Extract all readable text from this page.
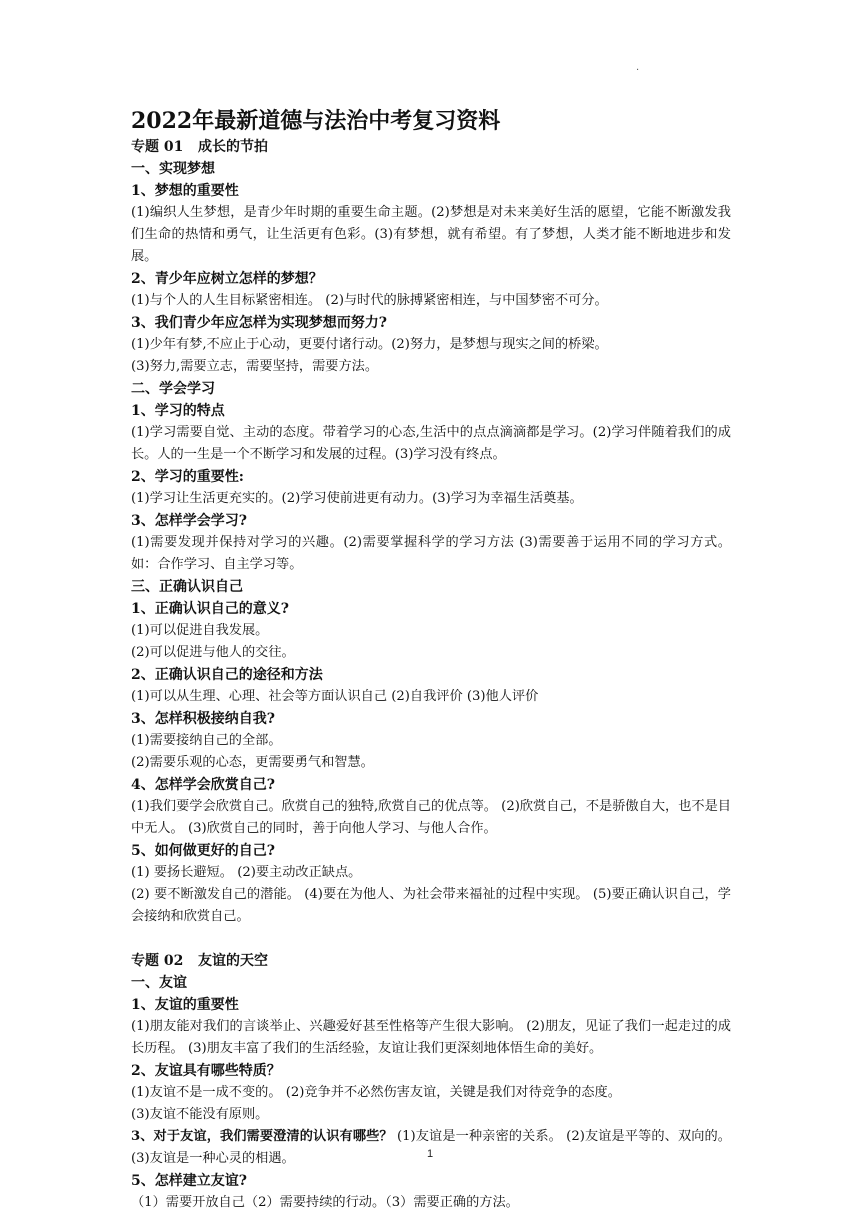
.
2022年最新道德与法治中考复习资料
专题 01   成长的节拍
一、实现梦想
1、梦想的重要性
(1)编织人生梦想，是青少年时期的重要生命主题。(2)梦想是对未来美好生活的愿望，它能不断激发我们生命的热情和勇气，让生活更有色彩。(3)有梦想，就有希望。有了梦想，人类才能不断地进步和发展。
2、青少年应树立怎样的梦想？
(1)与个人的人生目标紧密相连。 (2)与时代的脉搏紧密相连，与中国梦密不可分。
3、我们青少年应怎样为实现梦想而努力?
(1)少年有梦,不应止于心动，更要付诸行动。(2)努力，是梦想与现实之间的桥梁。
(3)努力,需要立志，需要坚持，需要方法。
二、学会学习
1、学习的特点
(1)学习需要自觉、主动的态度。带着学习的心态,生活中的点点滴滴都是学习。(2)学习伴随着我们的成长。人的一生是一个不断学习和发展的过程。(3)学习没有终点。
2、学习的重要性:
(1)学习让生活更充实的。(2)学习使前进更有动力。(3)学习为幸福生活奠基。
3、怎样学会学习?
(1)需要发现并保持对学习的兴趣。(2)需要掌握科学的学习方法 (3)需要善于运用不同的学习方式。如：合作学习、自主学习等。
三、正确认识自己
1、正确认识自己的意义?
(1)可以促进自我发展。
(2)可以促进与他人的交往。
2、正确认识自己的途径和方法
(1)可以从生理、心理、社会等方面认识自己 (2)自我评价 (3)他人评价
3、怎样积极接纳自我?
(1)需要接纳自己的全部。
(2)需要乐观的心态，更需要勇气和智慧。
4、怎样学会欣赏自己?
(1)我们要学会欣赏自己。欣赏自己的独特,欣赏自己的优点等。 (2)欣赏自己，不是骄傲自大，也不是目中无人。 (3)欣赏自己的同时，善于向他人学习、与他人合作。
5、如何做更好的自己?
(1) 要扬长避短。 (2)要主动改正缺点。
(2) 要不断激发自己的潜能。 (4)要在为他人、为社会带来福祉的过程中实现。 (5)要正确认识自己，学会接纳和欣赏自己。
专题 02   友谊的天空
一、友谊
1、友谊的重要性
(1)朋友能对我们的言谈举止、兴趣爱好甚至性格等产生很大影响。 (2)朋友，见证了我们一起走过的成长历程。 (3)朋友丰富了我们的生活经验，友谊让我们更深刻地体悟生命的美好。
2、友谊具有哪些特质？
(1)友谊不是一成不变的。 (2)竞争并不必然伤害友谊，关键是我们对待竞争的态度。
(3)友谊不能没有原则。
3、对于友谊，我们需要澄清的认识有哪些？ (1)友谊是一种亲密的关系。 (2)友谊是平等的、双向的。 (3)友谊是一种心灵的相遇。
5、怎样建立友谊?
（1）需要开放自己（2）需要持续的行动。（3）需要正确的方法。
1
